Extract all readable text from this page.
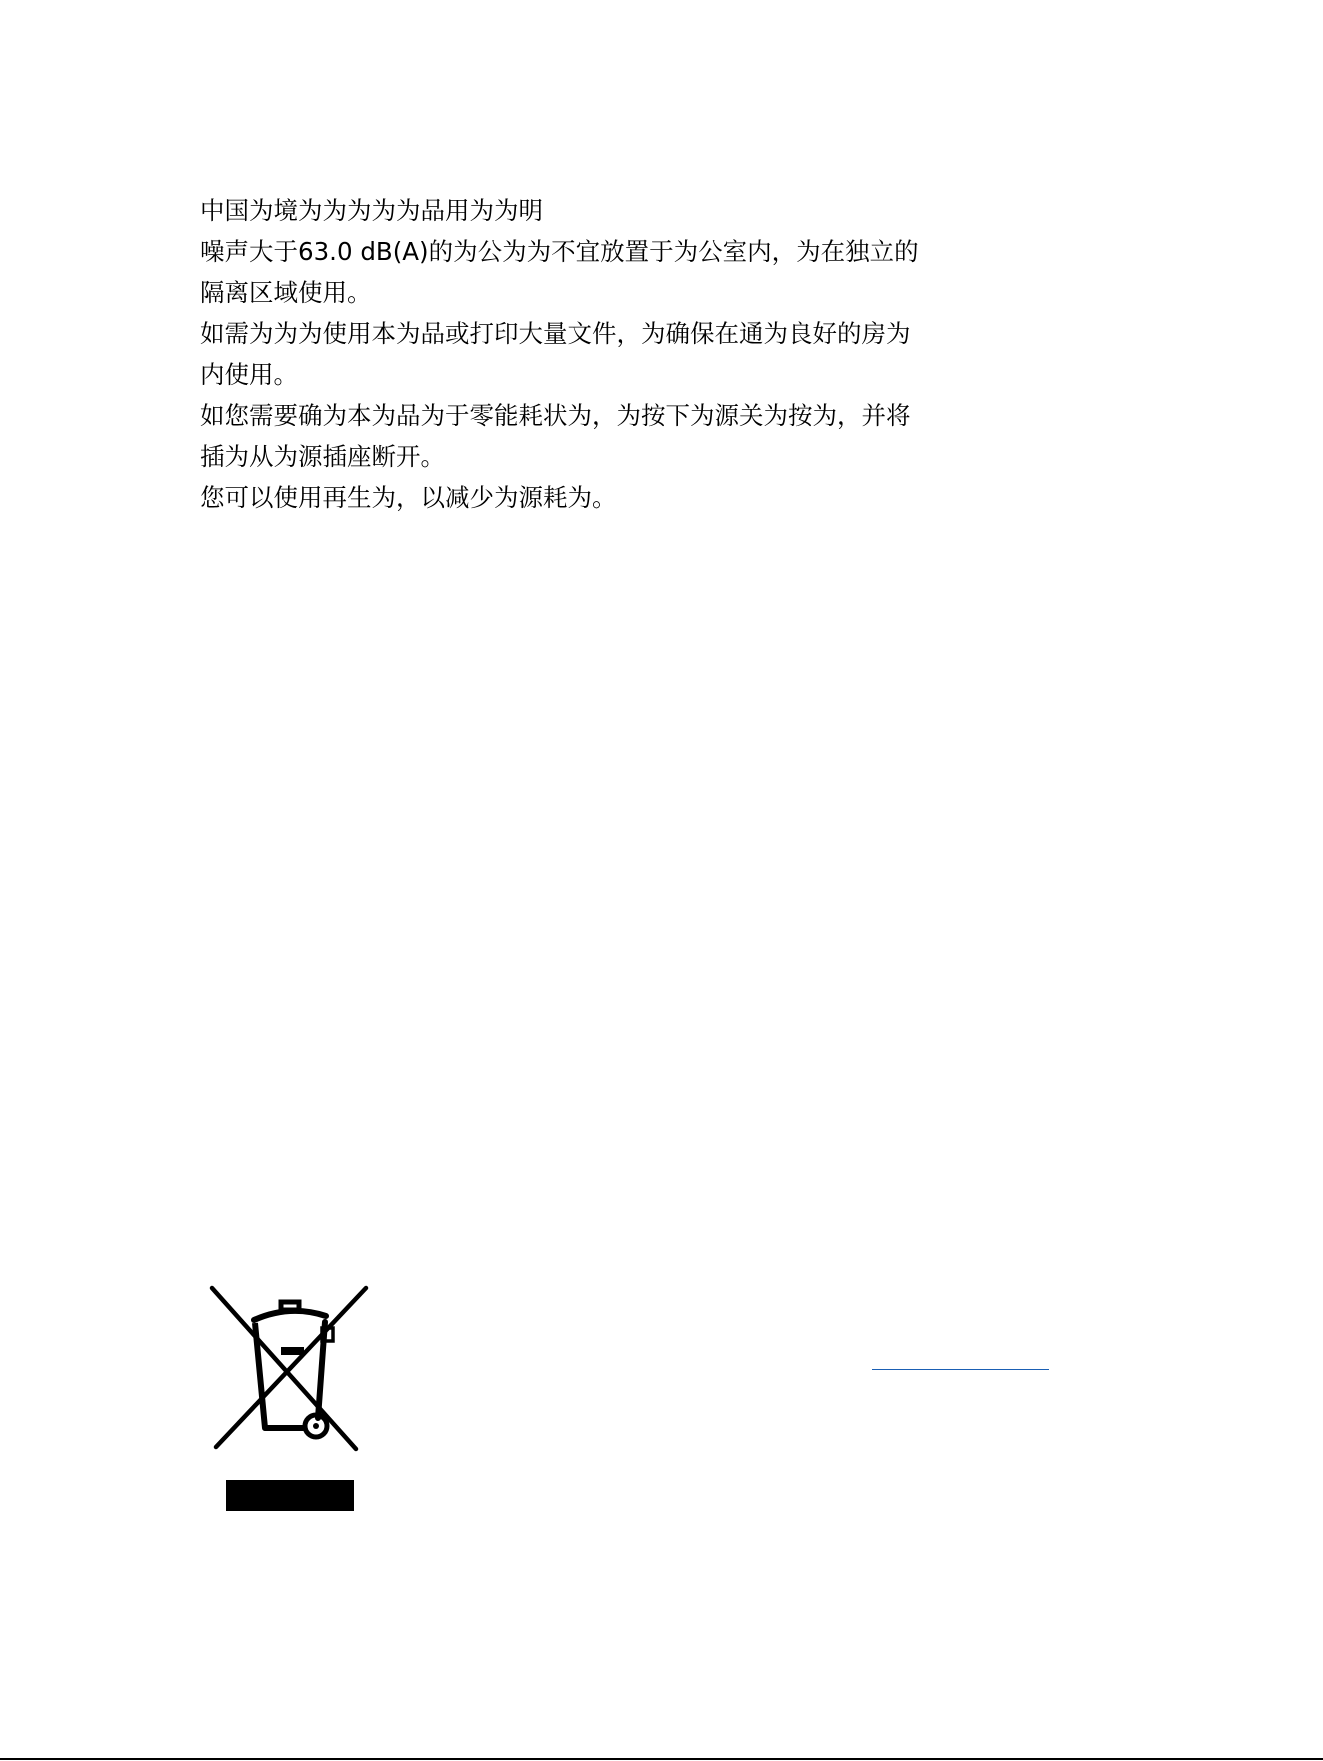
中国为境为为为为为品用为为明
噪声大于63.0 dB(A)的为公为为不宜放置于为公室内，为在独立的
隔离区域使用。
如需为为为使用本为品或打印大量文件，为确保在通为良好的房为
内使用。
如您需要确为本为品为于零能耗状为，为按下为源关为按为，并将
插为从为源插座断开。
您可以使用再生为，以减少为源耗为。
